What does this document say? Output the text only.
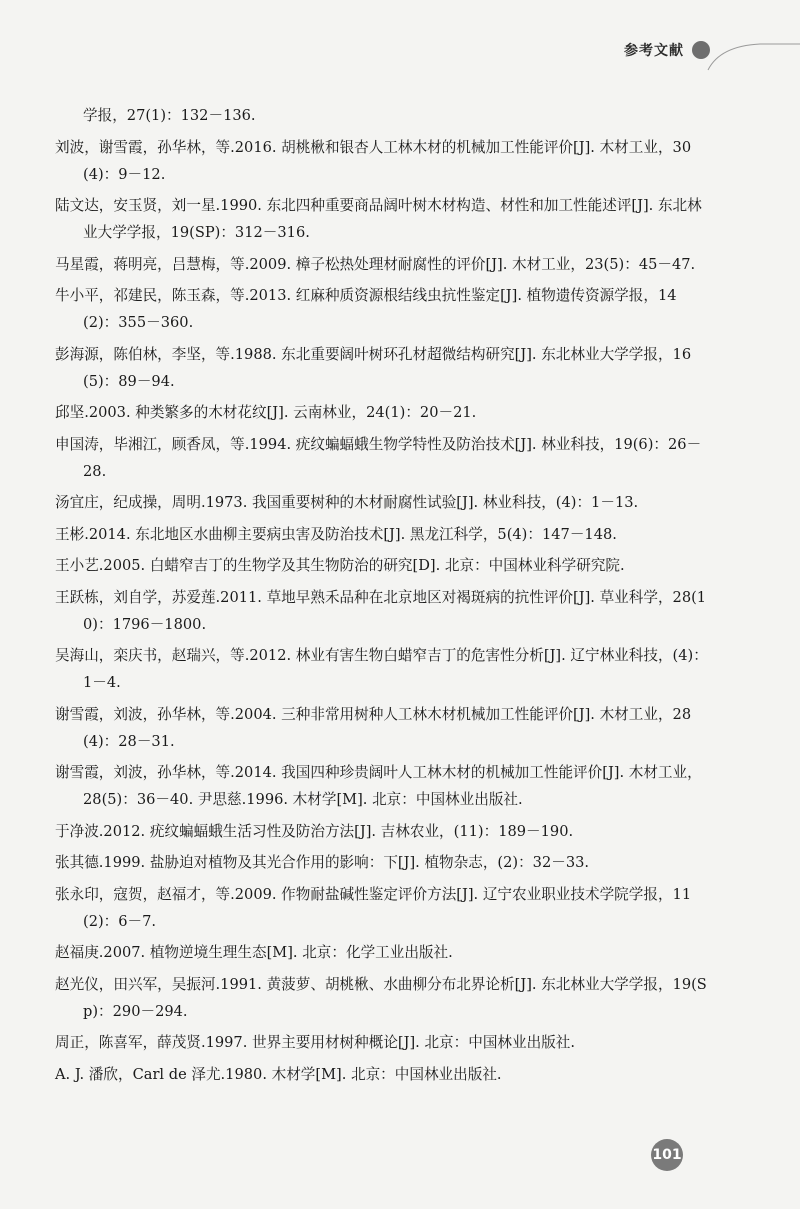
参考文献

学报，27(1)：132－136.

刘波，谢雪霞，孙华林，等.2016. 胡桃楸和银杏人工林木材的机械加工性能评价[J]. 木材工业，30(4)：9－12.

陆文达，安玉贤，刘一星.1990. 东北四种重要商品阔叶树木材构造、材性和加工性能述评[J]. 东北林业大学学报，19(SP)：312－316.

马星霞，蒋明亮，吕慧梅，等.2009. 樟子松热处理材耐腐性的评价[J]. 木材工业，23(5)：45－47.

牛小平，祁建民，陈玉森，等.2013. 红麻种质资源根结线虫抗性鉴定[J]. 植物遗传资源学报，14(2)：355－360.

彭海源，陈伯林，李坚，等.1988. 东北重要阔叶树环孔材超微结构研究[J]. 东北林业大学学报，16(5)：89－94.

邱坚.2003. 种类繁多的木材花纹[J]. 云南林业，24(1)：20－21.

申国涛，毕湘江，顾香凤，等.1994. 疣纹蝙蝠蛾生物学特性及防治技术[J]. 林业科技，19(6)：26－28.

汤宜庄，纪成操，周明.1973. 我国重要树种的木材耐腐性试验[J]. 林业科技，(4)：1－13.

王彬.2014. 东北地区水曲柳主要病虫害及防治技术[J]. 黑龙江科学，5(4)：147－148.

王小艺.2005. 白蜡窄吉丁的生物学及其生物防治的研究[D]. 北京：中国林业科学研究院.

王跃栋，刘自学，苏爱莲.2011. 草地早熟禾品种在北京地区对褐斑病的抗性评价[J]. 草业科学，28(10)：1796－1800.

吴海山，栾庆书，赵瑞兴，等.2012. 林业有害生物白蜡窄吉丁的危害性分析[J]. 辽宁林业科技，(4)：1－4.

谢雪霞，刘波，孙华林，等.2004. 三种非常用树种人工林木材机械加工性能评价[J]. 木材工业，28(4)：28－31.

谢雪霞，刘波，孙华林，等.2014. 我国四种珍贵阔叶人工林木材的机械加工性能评价[J]. 木材工业，28(5)：36－40. 尹思慈.1996. 木材学[M]. 北京：中国林业出版社.

于净波.2012. 疣纹蝙蝠蛾生活习性及防治方法[J]. 吉林农业，(11)：189－190.

张其德.1999. 盐胁迫对植物及其光合作用的影响：下[J]. 植物杂志，(2)：32－33.

张永印，寇贺，赵福才，等.2009. 作物耐盐碱性鉴定评价方法[J]. 辽宁农业职业技术学院学报，11(2)：6－7.

赵福庚.2007. 植物逆境生理生态[M]. 北京：化学工业出版社.

赵光仪，田兴军，吴振河.1991. 黄菠萝、胡桃楸、水曲柳分布北界论析[J]. 东北林业大学学报，19(Sp)：290－294.

周正，陈喜军，薛茂贤.1997. 世界主要用材树种概论[J]. 北京：中国林业出版社.

A. J. 潘欣，Carl de 泽尤.1980. 木材学[M]. 北京：中国林业出版社.

101
